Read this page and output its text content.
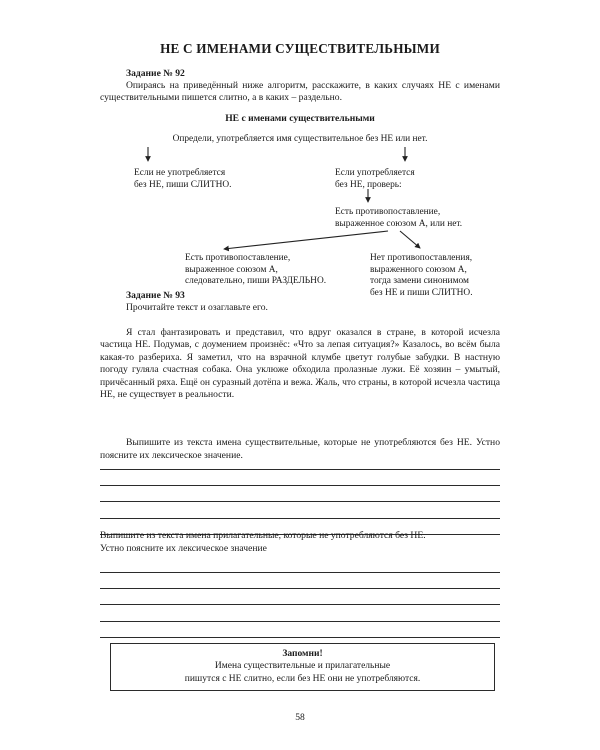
НЕ С ИМЕНАМИ СУЩЕСТВИТЕЛЬНЫМИ

Задание № 92

Опираясь на приведённый ниже алгоритм, расскажите, в каких случаях НЕ с именами существительными пишется слитно, а в каких – раздельно.

НЕ с именами существительными

Определи, употребляется имя существительное без НЕ или нет.

Если не употребляется

без НЕ, пиши СЛИТНО.

Если употребляется

без НЕ, проверь:

Есть противопоставление,

выраженное союзом А, или нет.

Есть противопоставление,

выраженное союзом А,

следовательно, пиши РАЗДЕЛЬНО.

Нет противопоставления,

выраженного союзом А,

тогда замени синонимом

без НЕ и пиши СЛИТНО.

Задание № 93

Прочитайте текст и озаглавьте его.

Я стал фантазировать и представил, что вдруг оказался в стране, в которой исчезла частица НЕ. Подумав, с доумением произнёс: «Что за лепая ситуация?» Казалось, во всём была какая-то разбериха. Я заметил, что на взрачной клумбе цветут голубые забудки. В настную погоду гуляла счастная собака. Она уклюже обходила пролазные лужи. Её хозяин – умытый, причёсанный ряха. Ещё он суразный дотёпа и вежа. Жаль, что страны, в которой исчезла частица НЕ, не существует в реальности.

Выпишите из текста имена существительные, которые не употребляются без НЕ. Устно поясните их лексическое значение.

Выпишите из текста имена прилагательные, которые не употребляются без НЕ.

Устно поясните их лексическое значение

Запомни!

Имена существительные и прилагательные

пишутся с НЕ слитно, если без НЕ они не употребляются.

58
